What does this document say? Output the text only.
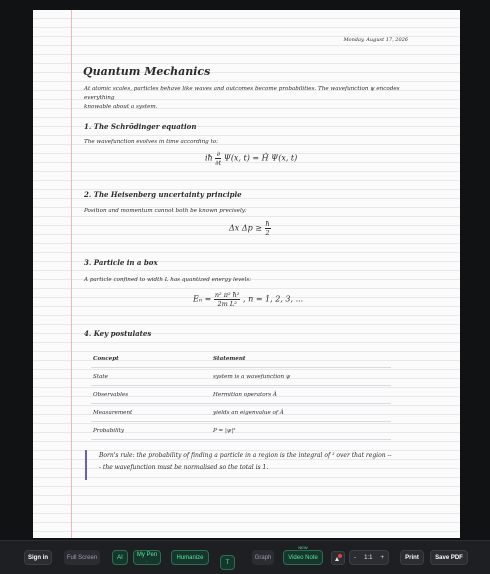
Monday, August 17, 2026
Quantum Mechanics
At atomic scales, particles behave like waves and outcomes become probabilities. The wavefunction ψ encodes everything
knowable about a system.
1. The Schrödinger equation
The wavefunction evolves in time according to:
iħ $\frac{\partial}{\partial t} \Psi(x$, t) = Ĥ Ψ(x, t)
2. The Heisenberg uncertainty principle
Position and momentum cannot both be known precisely:
Δx $\Delta p \ge \frac{ħ}{2}$
3. Particle in a box
A particle confined to width L has quantized energy levels:
$E_n = \frac{\text{n² π² ħ²}}{\text{2m L²}}$ , n = 1, 2, 3, ...
4. Key postulates
Concept	Statement
State	system is a wavefunction ψ
Observables	Hermitian operators Â
Measurement	yields an eigenvalue of Â
Probability	P = |ψ|²
Born's rule: the probability of finding a particle in a region is the integral of ² over that region --
- the wavefunction must be normalised so the total is 1.
Sign in	Full Screen	AI	My Pen
-	Humanize
T
Graph
NEW
Video Note	- 1:1 +	Print	Save PDF
